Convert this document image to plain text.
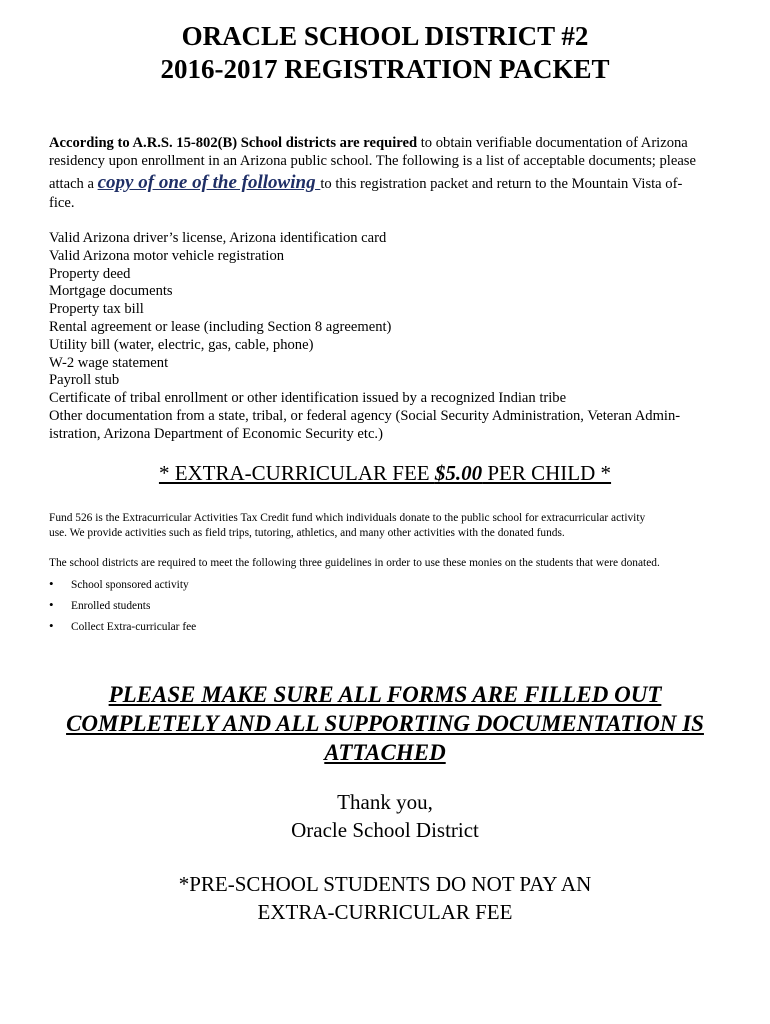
ORACLE SCHOOL DISTRICT #2
2016-2017 REGISTRATION PACKET
According to A.R.S. 15-802(B) School districts are required to obtain verifiable documentation of Arizona
residency upon enrollment in an Arizona public school. The following is a list of acceptable documents; please
attach a copy of one of the following to this registration packet and return to the Mountain Vista of-
fice.
Valid Arizona driver’s license, Arizona identification card
Valid Arizona motor vehicle registration
Property deed
Mortgage documents
Property tax bill
Rental agreement or lease (including Section 8 agreement)
Utility bill (water, electric, gas, cable, phone)
W-2 wage statement
Payroll stub
Certificate of tribal enrollment or other identification issued by a recognized Indian tribe
Other documentation from a state, tribal, or federal agency (Social Security Administration, Veteran Admin-
istration, Arizona Department of Economic Security etc.)
* EXTRA-CURRICULAR FEE $5.00 PER CHILD *
Fund 526 is the Extracurricular Activities Tax Credit fund which individuals donate to the public school for extracurricular activity
use. We provide activities such as field trips, tutoring, athletics, and many other activities with the donated funds.
The school districts are required to meet the following three guidelines in order to use these monies on the students that were donated.
• School sponsored activity
• Enrolled students
• Collect Extra-curricular fee
PLEASE MAKE SURE ALL FORMS ARE FILLED OUT
COMPLETELY AND ALL SUPPORTING DOCUMENTATION IS
ATTACHED
Thank you,
Oracle School District
*PRE-SCHOOL STUDENTS DO NOT PAY AN
EXTRA-CURRICULAR FEE
